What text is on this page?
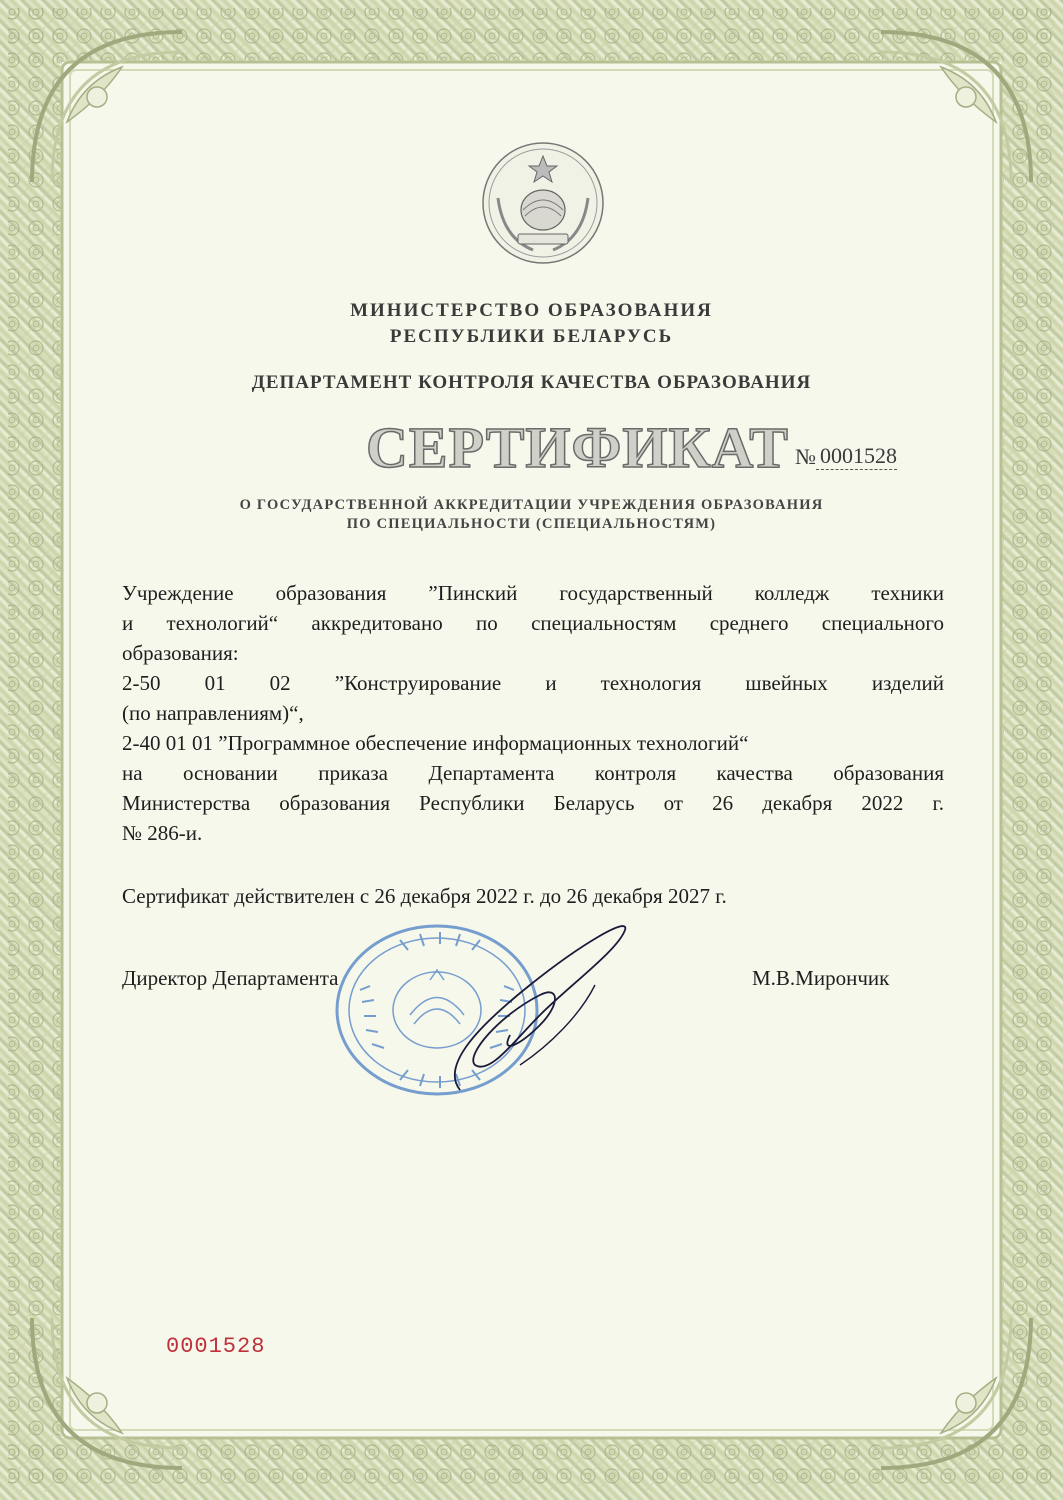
МИНИСТЕРСТВО ОБРАЗОВАНИЯ
РЕСПУБЛИКИ БЕЛАРУСЬ
ДЕПАРТАМЕНТ КОНТРОЛЯ КАЧЕСТВА ОБРАЗОВАНИЯ
СЕРТИФИКАТ № 0001528
О ГОСУДАРСТВЕННОЙ АККРЕДИТАЦИИ УЧРЕЖДЕНИЯ ОБРАЗОВАНИЯ
ПО СПЕЦИАЛЬНОСТИ (СПЕЦИАЛЬНОСТЯМ)
Учреждение образования ”Пинский государственный колледж техники
и технологий“ аккредитовано по специальностям среднего специального
образования:
2-50 01 02 ”Конструирование и технология швейных изделий
(по направлениям)“,
2-40 01 01 ”Программное обеспечение информационных технологий“
на основании приказа Департамента контроля качества образования
Министерства образования Республики Беларусь от 26 декабря 2022 г.
№ 286-и.
Сертификат действителен с 26 декабря 2022 г. до 26 декабря 2027 г.
Директор Департамента	М.В.Мирончик
0001528
